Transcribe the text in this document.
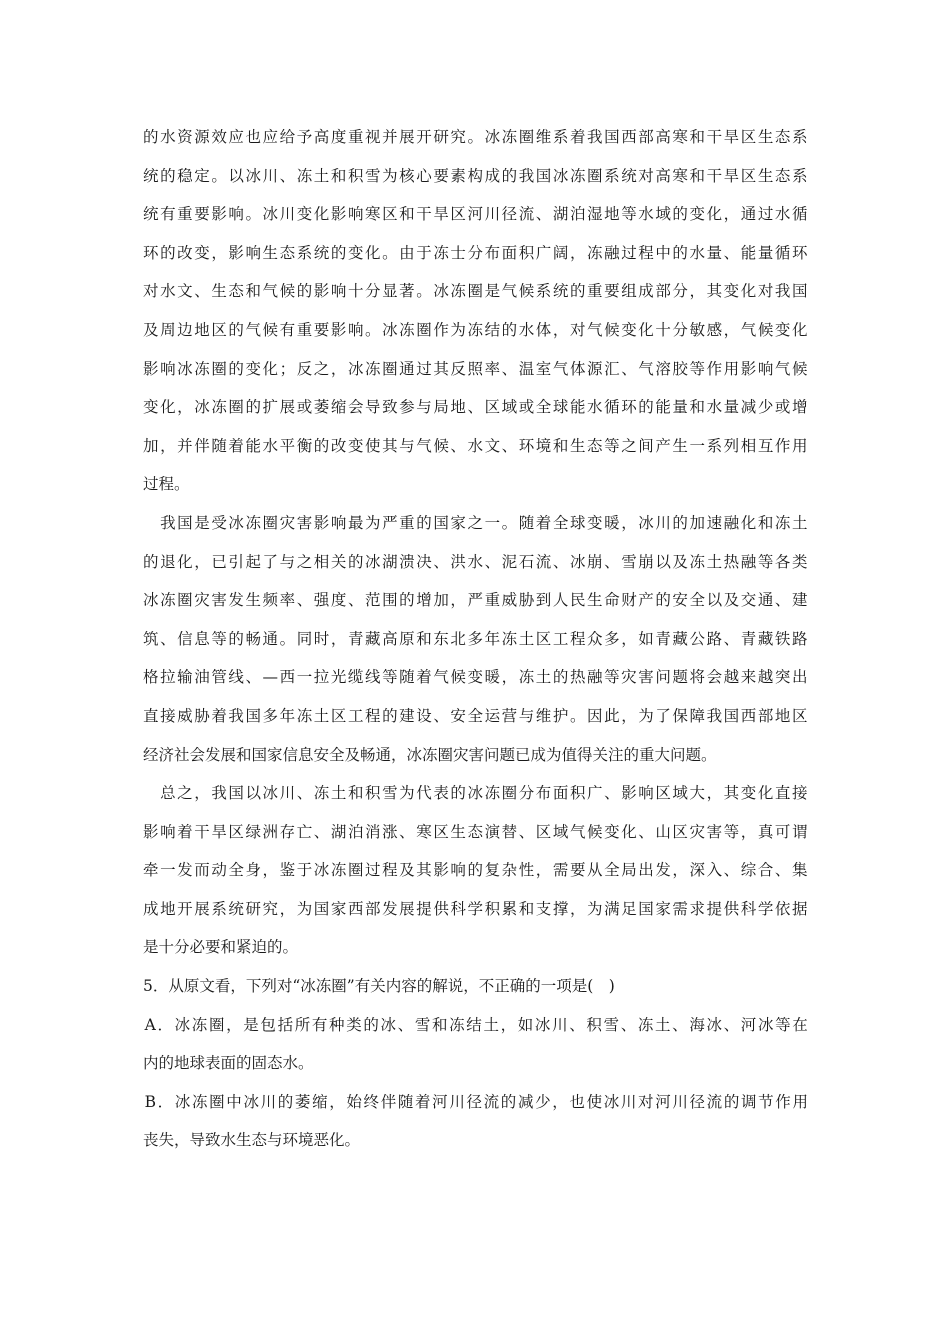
的 水 资 源 效 应 也 应 给 予 高 度 重 视 并 展 开 研 究 。 冰 冻 圈 维 系 着 我 国 西 部 高 寒 和 干 旱 区 生 态 系
统 的 稳 定 。 以 冰 川 、 冻 土 和 积 雪 为 核 心 要 素 构 成 的 我 国 冰 冻 圈 系 统 对 高 寒 和 干 旱 区 生 态 系
统 有 重 要 影 响 。 冰 川 变 化 影 响 寒 区 和 干 旱 区 河 川 径 流 、 湖 泊 湿 地 等 水 域 的 变 化 ， 通 过 水 循
环 的 改 变 ， 影 响 生 态 系 统 的 变 化 。 由 于 冻 士 分 布 面 积 广 阔 ， 冻 融 过 程 中 的 水 量 、 能 量 循 环
对 水 文 、 生 态 和 气 候 的 影 响 十 分 显 著 。 冰 冻 圈 是 气 候 系 统 的 重 要 组 成 部 分 ， 其 变 化 对 我 国
及 周 边 地 区 的 气 候 有 重 要 影 响 。 冰 冻 圈 作 为 冻 结 的 水 体 ， 对 气 候 变 化 十 分 敏 感 ， 气 候 变 化
影 响 冰 冻 圈 的 变 化 ； 反 之 ， 冰 冻 圈 通 过 其 反 照 率 、 温 室 气 体 源 汇 、 气 溶 胶 等 作 用 影 响 气 候
变 化 ， 冰 冻 圈 的 扩 展 或 萎 缩 会 导 致 参 与 局 地 、 区 域 或 全 球 能 水 循 环 的 能 量 和 水 量 减 少 或 增
加 ， 并 伴 随 着 能 水 平 衡 的 改 变 使 其 与 气 候 、 水 文 、 环 境 和 生 态 等 之 间 产 生 一 系 列 相 互 作 用
过程。

我 国 是 受 冰 冻 圈 灾 害 影 响 最 为 严 重 的 国 家 之 一 。 随 着 全 球 变 暖 ， 冰 川 的 加 速 融 化 和 冻 土
的 退 化 ， 已 引 起 了 与 之 相 关 的 冰 湖 溃 决 、 洪 水 、 泥 石 流 、 冰 崩 、 雪 崩 以 及 冻 土 热 融 等 各 类
冰 冻 圈 灾 害 发 生 频 率 、 强 度 、 范 围 的 增 加 ， 严 重 威 胁 到 人 民 生 命 财 产 的 安 全 以 及 交 通 、 建
筑 、 信 息 等 的 畅 通 。 同 时 ， 青 藏 高 原 和 东 北 多 年 冻 土 区 工 程 众 多 ， 如 青 藏 公 路 、 青 藏 铁 路
格 拉 输 油 管 线 、 — 西 一 拉 光 缆 线 等 随 着 气 候 变 暖 ， 冻 土 的 热 融 等 灾 害 问 题 将 会 越 来 越 突 出
直 接 威 胁 着 我 国 多 年 冻 土 区 工 程 的 建 设 、 安 全 运 营 与 维 护 。 因 此 ， 为 了 保 障 我 国 西 部 地 区
经济社会发展和国家信息安全及畅通，冰冻圈灾害问题已成为值得关注的重大问题。

总 之 ， 我 国 以 冰 川 、 冻 土 和 积 雪 为 代 表 的 冰 冻 圈 分 布 面 积 广 、 影 响 区 域 大 ， 其 变 化 直 接
影 响 着 干 旱 区 绿 洲 存 亡 、 湖 泊 消 涨 、 寒 区 生 态 演 替 、 区 域 气 候 变 化 、 山 区 灾 害 等 ， 真 可 谓
牵 一 发 而 动 全 身 ， 鉴 于 冰 冻 圈 过 程 及 其 影 响 的 复 杂 性 ， 需 要 从 全 局 出 发 ， 深 入 、 综 合 、 集
成 地 开 展 系 统 研 究 ， 为 国 家 西 部 发 展 提 供 科 学 积 累 和 支 撑 ， 为 满 足 国 家 需 求 提 供 科 学 依 据
是十分必要和紧迫的。
5．从原文看，下列对“冰冻圈”有关内容的解说，不正确的一项是(　)
A ． 冰 冻 圈 ， 是 包 括 所 有 种 类 的 冰 、 雪 和 冻 结 土 ， 如 冰 川 、 积 雪 、 冻 土 、 海 冰 、 河 冰 等 在
内的地球表面的固态水。
B ． 冰 冻 圈 中 冰 川 的 萎 缩 ， 始 终 伴 随 着 河 川 径 流 的 减 少 ， 也 使 冰 川 对 河 川 径 流 的 调 节 作 用
丧失，导致水生态与环境恶化。
